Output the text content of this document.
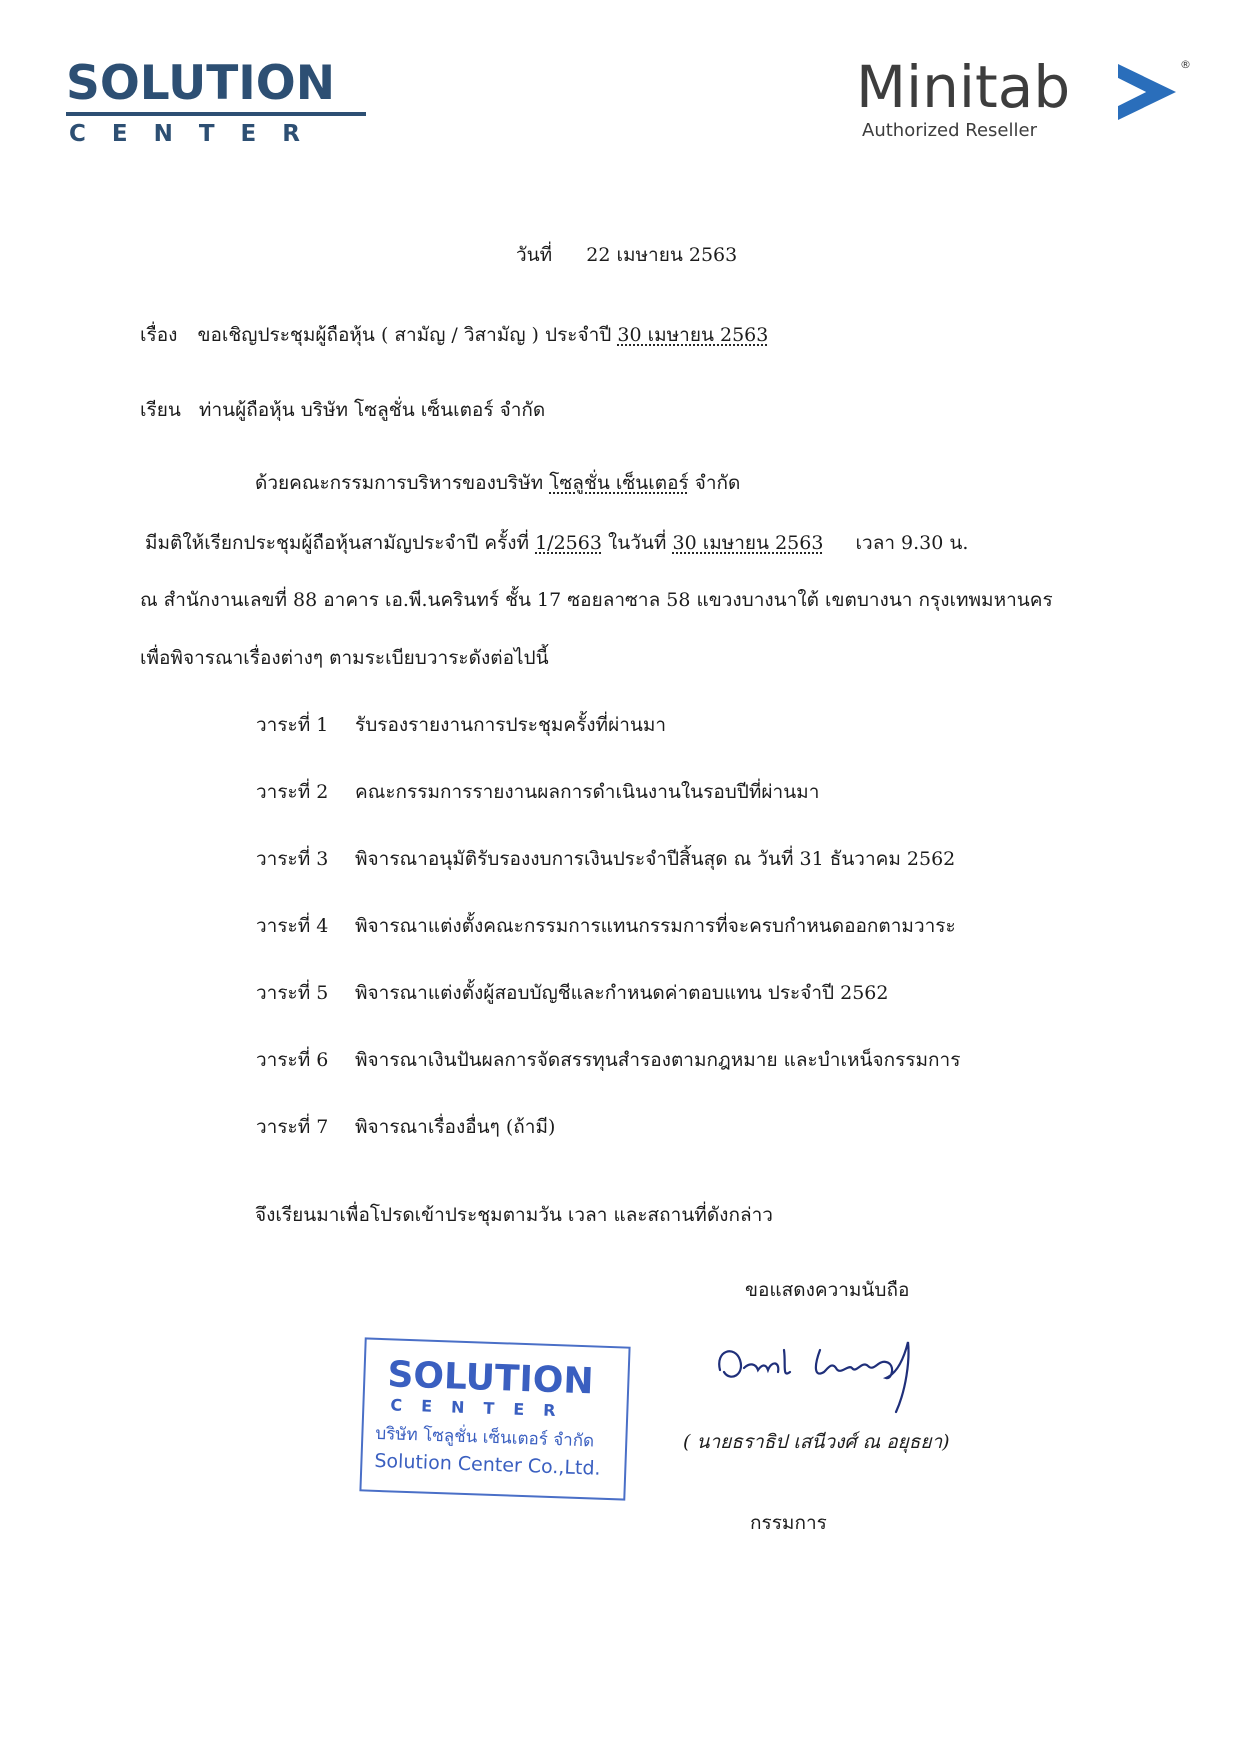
SOLUTION
CENTER
Minitab	®
Authorized Reseller
วันที่ 22 เมษายน 2563
เรื่อง ขอเชิญประชุมผู้ถือหุ้น ( สามัญ / วิสามัญ ) ประจำปี 30 เมษายน 2563
เรียน ท่านผู้ถือหุ้น บริษัท โซลูชั่น เซ็นเตอร์ จำกัด
ด้วยคณะกรรมการบริหารของบริษัท โซลูชั่น เซ็นเตอร์ จำกัด
มีมติให้เรียกประชุมผู้ถือหุ้นสามัญประจำปี ครั้งที่ 1/2563 ในวันที่ 30 เมษายน 2563 เวลา 9.30 น.
ณ สำนักงานเลขที่ 88 อาคาร เอ.พี.นครินทร์ ชั้น 17 ซอยลาซาล 58 แขวงบางนาใต้ เขตบางนา กรุงเทพมหานคร
เพื่อพิจารณาเรื่องต่างๆ ตามระเบียบวาระดังต่อไปนี้
วาระที่ 1 รับรองรายงานการประชุมครั้งที่ผ่านมา
วาระที่ 2 คณะกรรมการรายงานผลการดำเนินงานในรอบปีที่ผ่านมา
วาระที่ 3 พิจารณาอนุมัติรับรองงบการเงินประจำปีสิ้นสุด ณ วันที่ 31 ธันวาคม 2562
วาระที่ 4 พิจารณาแต่งตั้งคณะกรรมการแทนกรรมการที่จะครบกำหนดออกตามวาระ
วาระที่ 5 พิจารณาแต่งตั้งผู้สอบบัญชีและกำหนดค่าตอบแทน ประจำปี 2562
วาระที่ 6 พิจารณาเงินปันผลการจัดสรรทุนสำรองตามกฎหมาย และบำเหน็จกรรมการ
วาระที่ 7 พิจารณาเรื่องอื่นๆ (ถ้ามี)
จึงเรียนมาเพื่อโปรดเข้าประชุมตามวัน เวลา และสถานที่ดังกล่าว
ขอแสดงความนับถือ
( นายธราธิป เสนีวงศ์ ณ อยุธยา)
กรรมการ
SOLUTION
CENTER
บริษัท โซลูชั่น เซ็นเตอร์ จำกัด
Solution Center Co.,Ltd.
